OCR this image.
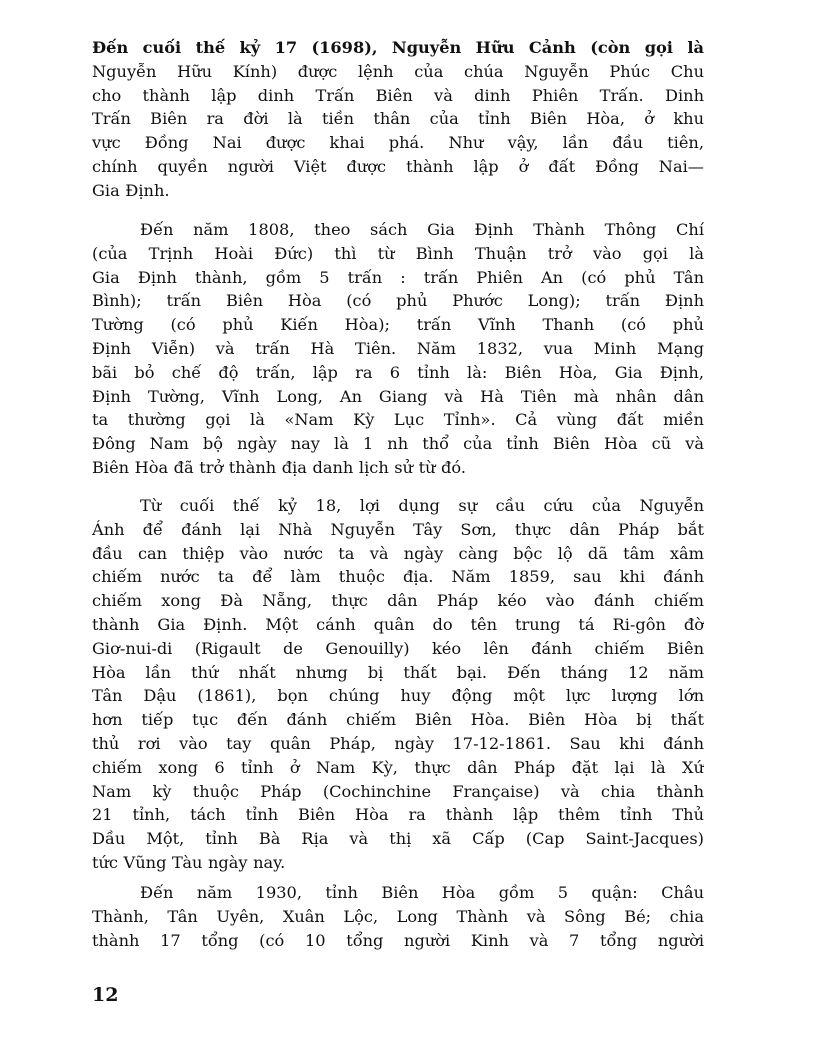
Đến cuối thế kỷ 17 (1698), Nguyễn Hữu Cảnh (còn gọi là
Nguyễn Hữu Kính) được lệnh của chúa Nguyễn Phúc Chu
cho thành lập dinh Trấn Biên và dinh Phiên Trấn. Dinh
Trấn Biên ra đời là tiền thân của tỉnh Biên Hòa, ở khu
vực Đồng Nai được khai phá. Như vậy, lần đầu tiên,
chính quyền người Việt được thành lập ở đất Đồng Nai—
Gia Định.
Đến năm 1808, theo sách Gia Định Thành Thông Chí
(của Trịnh Hoài Đức) thì từ Bình Thuận trở vào gọi là
Gia Định thành, gồm 5 trấn : trấn Phiên An (có phủ Tân
Bình); trấn Biên Hòa (có phủ Phước Long); trấn Định
Tường (có phủ Kiến Hòa); trấn Vĩnh Thanh (có phủ
Định Viễn) và trấn Hà Tiên. Năm 1832, vua Minh Mạng
bãi bỏ chế độ trấn, lập ra 6 tỉnh là: Biên Hòa, Gia Định,
Định Tường, Vĩnh Long, An Giang và Hà Tiên mà nhân dân
ta thường gọi là «Nam Kỳ Lục Tỉnh». Cả vùng đất miền
Đông Nam bộ ngày nay là 1 nh thổ của tỉnh Biên Hòa cũ và
Biên Hòa đã trở thành địa danh lịch sử từ đó.
Từ cuối thế kỷ 18, lợi dụng sự cầu cứu của Nguyễn
Ánh để đánh lại Nhà Nguyễn Tây Sơn, thực dân Pháp bắt
đầu can thiệp vào nước ta và ngày càng bộc lộ dã tâm xâm
chiếm nước ta để làm thuộc địa. Năm 1859, sau khi đánh
chiếm xong Đà Nẵng, thực dân Pháp kéo vào đánh chiếm
thành Gia Định. Một cánh quân do tên trung tá Ri-gôn đờ
Giơ-nui-di (Rigault de Genouilly) kéo lên đánh chiếm Biên
Hòa lần thứ nhất nhưng bị thất bại. Đến tháng 12 năm
Tân Dậu (1861), bọn chúng huy động một lực lượng lớn
hơn tiếp tục đến đánh chiếm Biên Hòa. Biên Hòa bị thất
thủ rơi vào tay quân Pháp, ngày 17-12-1861. Sau khi đánh
chiếm xong 6 tỉnh ở Nam Kỳ, thực dân Pháp đặt lại là Xứ
Nam kỳ thuộc Pháp (Cochinchine Française) và chia thành
21 tỉnh, tách tỉnh Biên Hòa ra thành lập thêm tỉnh Thủ
Dầu Một, tỉnh Bà Rịa và thị xã Cấp (Cap Saint-Jacques)
tức Vũng Tàu ngày nay.
Đến năm 1930, tỉnh Biên Hòa gồm 5 quận: Châu
Thành, Tân Uyên, Xuân Lộc, Long Thành và Sông Bé; chia
thành 17 tổng (có 10 tổng người Kinh và 7 tổng người
12
